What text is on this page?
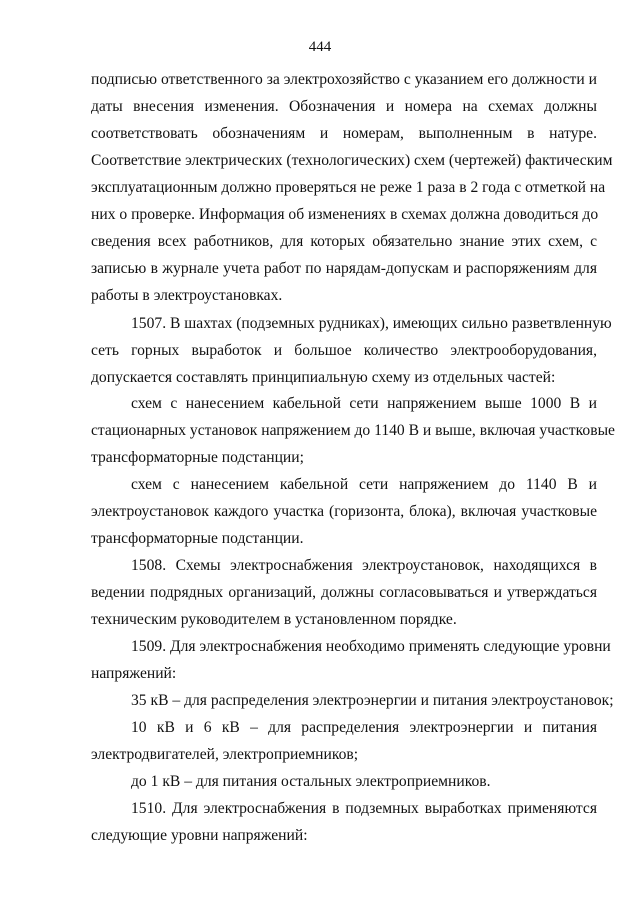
444
подписью ответственного за электрохозяйство с указанием его должности и
даты внесения изменения. Обозначения и номера на схемах должны
соответствовать обозначениям и номерам, выполненным в натуре.
Соответствие электрических (технологических) схем (чертежей) фактическим
эксплуатационным должно проверяться не реже 1 раза в 2 года с отметкой на
них о проверке. Информация об изменениях в схемах должна доводиться до
сведения всех работников, для которых обязательно знание этих схем, с
записью в журнале учета работ по нарядам-допускам и распоряжениям для
работы в электроустановках.
1507. В шахтах (подземных рудниках), имеющих сильно разветвленную
сеть горных выработок и большое количество электрооборудования,
допускается составлять принципиальную схему из отдельных частей:
схем с нанесением кабельной сети напряжением выше 1000 В и
стационарных установок напряжением до 1140 В и выше, включая участковые
трансформаторные подстанции;
схем с нанесением кабельной сети напряжением до 1140 В и
электроустановок каждого участка (горизонта, блока), включая участковые
трансформаторные подстанции.
1508. Схемы электроснабжения электроустановок, находящихся в
ведении подрядных организаций, должны согласовываться и утверждаться
техническим руководителем в установленном порядке.
1509. Для электроснабжения необходимо применять следующие уровни
напряжений:
35 кВ – для распределения электроэнергии и питания электроустановок;
10 кВ и 6 кВ – для распределения электроэнергии и питания
электродвигателей, электроприемников;
до 1 кВ – для питания остальных электроприемников.
1510. Для электроснабжения в подземных выработках применяются
следующие уровни напряжений:
